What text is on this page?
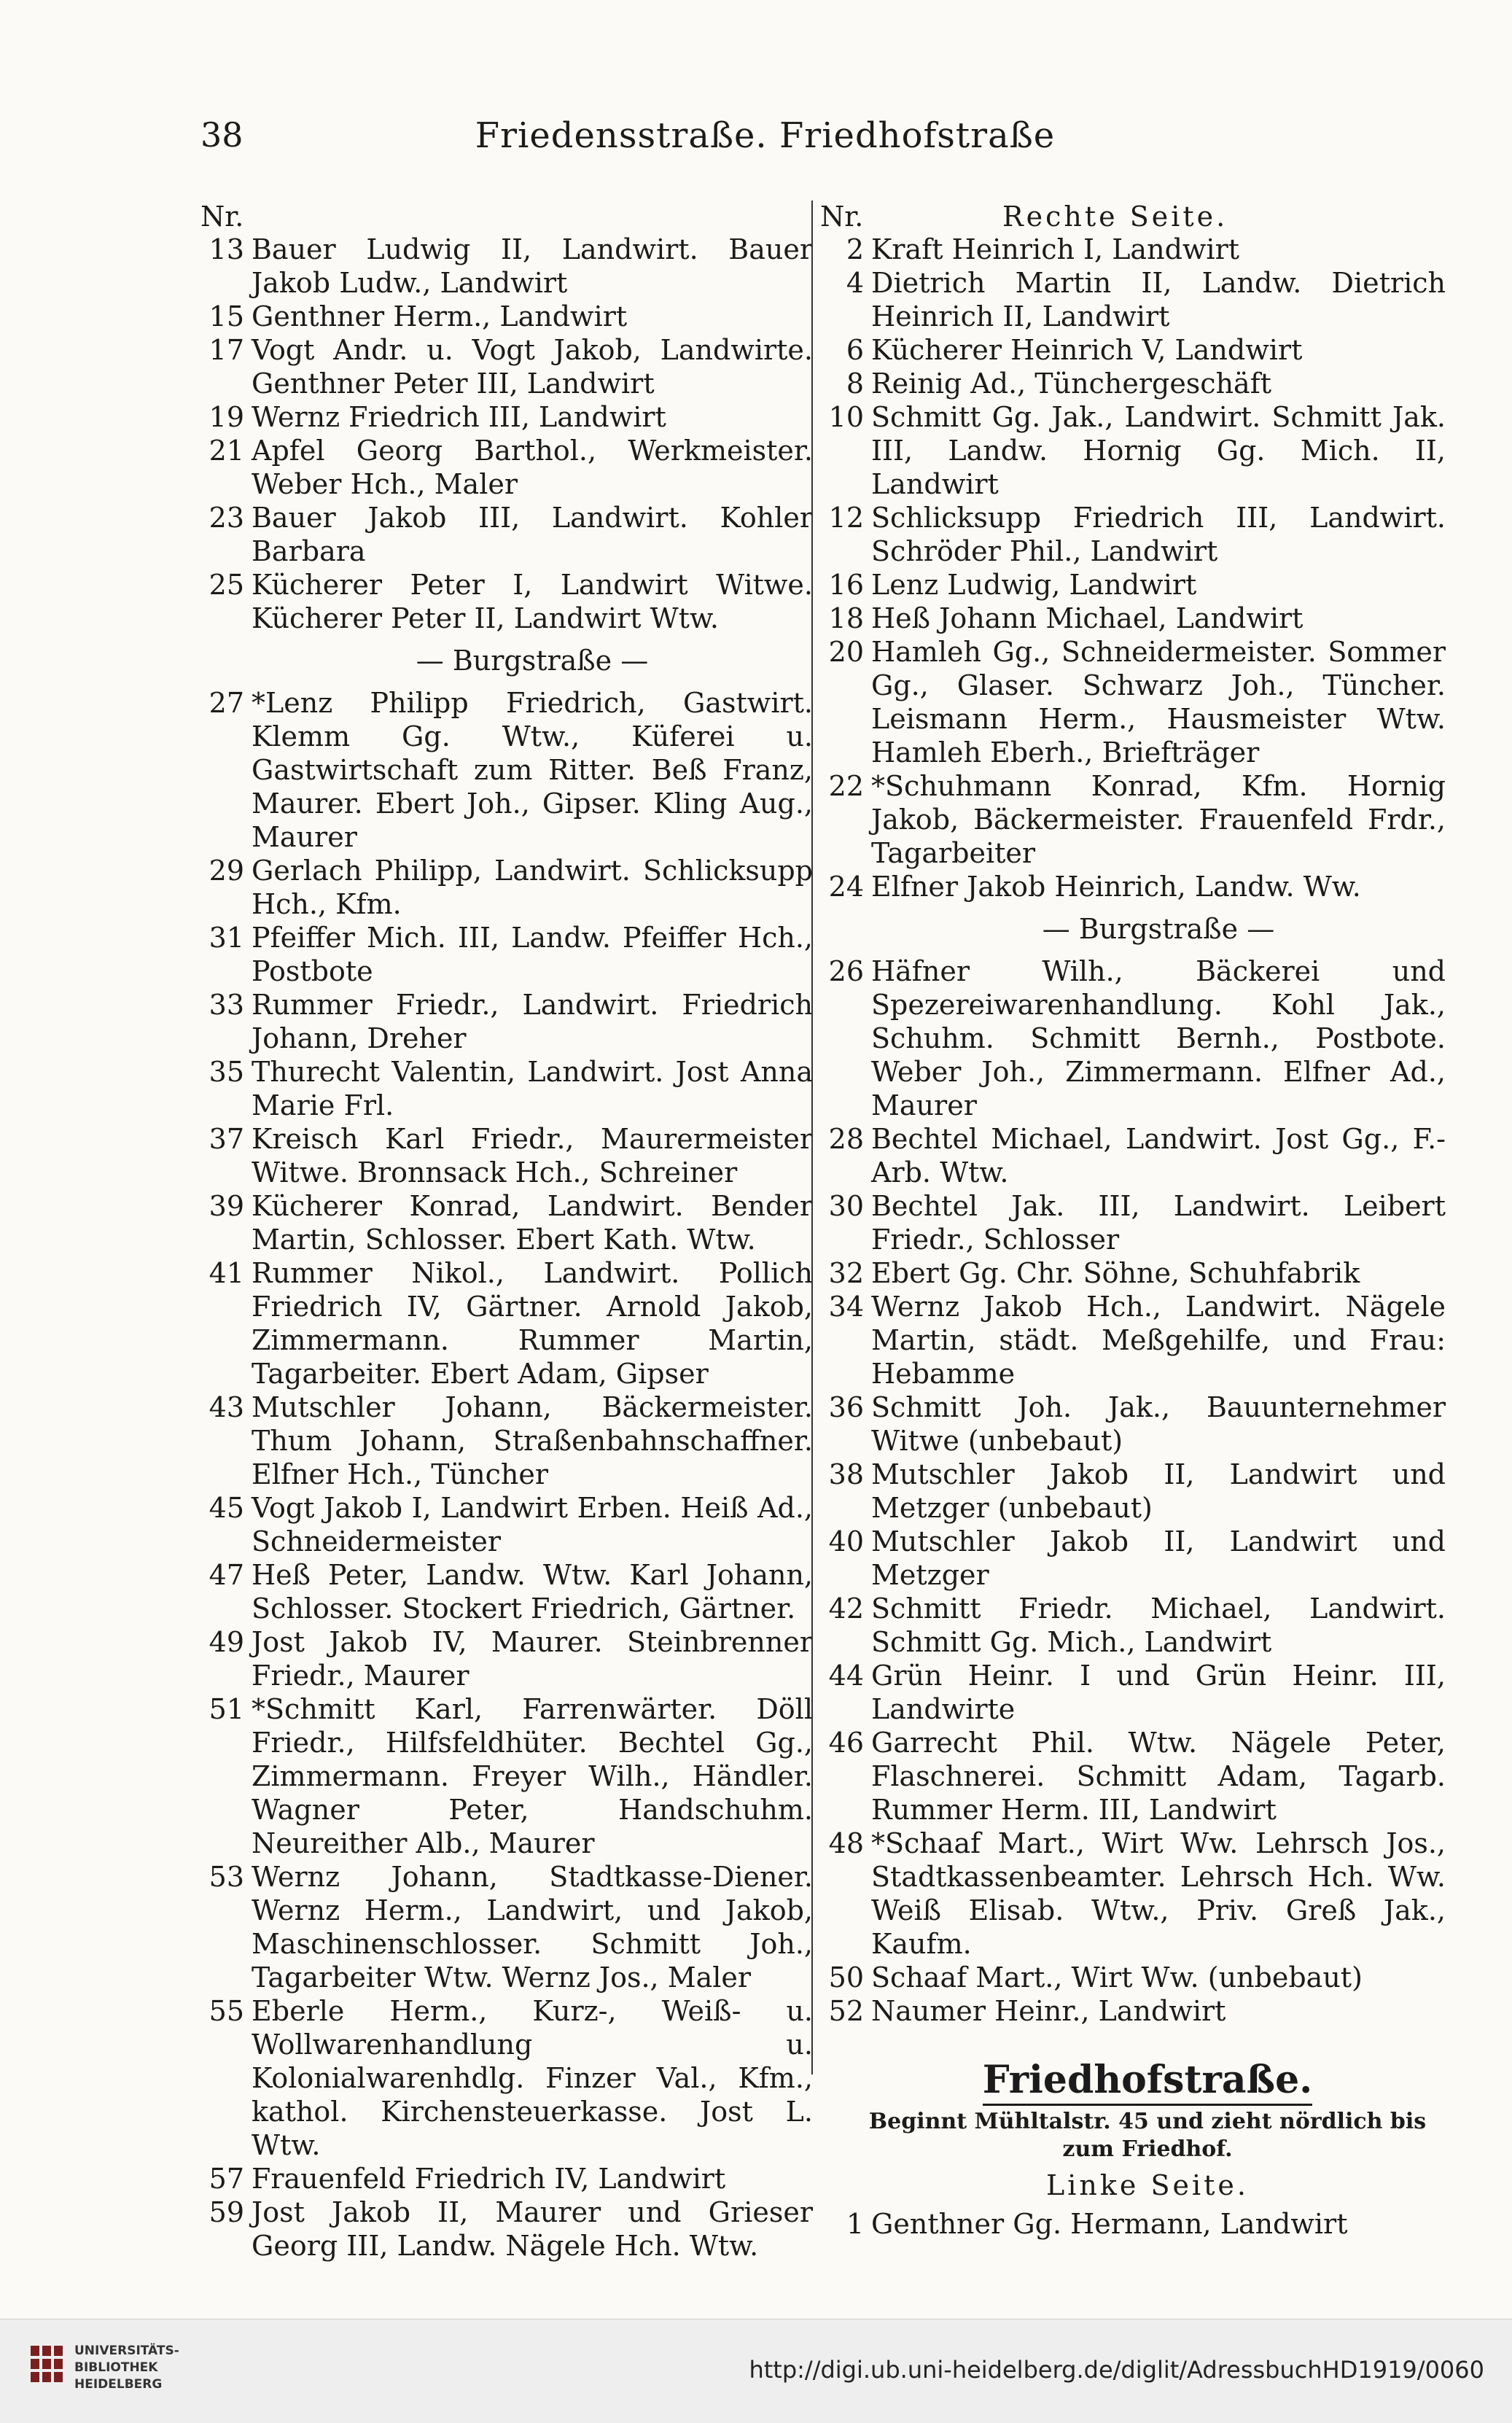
38	Friedensstraße. Friedhofstraße
Nr.
13 Bauer Ludwig II, Landwirt. Bauer Jakob Ludw., Landwirt
15 Genthner Herm., Landwirt
17 Vogt Andr. u. Vogt Jakob, Landwirte. Genthner Peter III, Landwirt
19 Wernz Friedrich III, Landwirt
21 Apfel Georg Barthol., Werkmeister. Weber Hch., Maler
23 Bauer Jakob III, Landwirt. Kohler Barbara
25 Kücherer Peter I, Landwirt Witwe. Kücherer Peter II, Landwirt Wtw.
— Burgstraße —
27 *Lenz Philipp Friedrich, Gastwirt. Klemm Gg. Wtw., Küferei u. Gastwirtschaft zum Ritter. Beß Franz, Maurer. Ebert Joh., Gipser. Kling Aug., Maurer
29 Gerlach Philipp, Landwirt. Schlicksupp Hch., Kfm.
31 Pfeiffer Mich. III, Landw. Pfeiffer Hch., Postbote
33 Rummer Friedr., Landwirt. Friedrich Johann, Dreher
35 Thurecht Valentin, Landwirt. Jost Anna Marie Frl.
37 Kreisch Karl Friedr., Maurermeister Witwe. Bronnsack Hch., Schreiner
39 Kücherer Konrad, Landwirt. Bender Martin, Schlosser. Ebert Kath. Wtw.
41 Rummer Nikol., Landwirt. Pollich Friedrich IV, Gärtner. Arnold Jakob, Zimmermann. Rummer Martin, Tagarbeiter. Ebert Adam, Gipser
43 Mutschler Johann, Bäckermeister. Thum Johann, Straßenbahnschaffner. Elfner Hch., Tüncher
45 Vogt Jakob I, Landwirt Erben. Heiß Ad., Schneidermeister
47 Heß Peter, Landw. Wtw. Karl Johann, Schlosser. Stockert Friedrich, Gärtner.
49 Jost Jakob IV, Maurer. Steinbrenner Friedr., Maurer
51 *Schmitt Karl, Farrenwärter. Döll Friedr., Hilfsfeldhüter. Bechtel Gg., Zimmermann. Freyer Wilh., Händler. Wagner Peter, Handschuhm. Neureither Alb., Maurer
53 Wernz Johann, Stadtkasse-Diener. Wernz Herm., Landwirt, und Jakob, Maschinenschlosser. Schmitt Joh., Tagarbeiter Wtw. Wernz Jos., Maler
55 Eberle Herm., Kurz-, Weiß- u. Wollwarenhandlung u. Kolonialwarenhdlg. Finzer Val., Kfm., kathol. Kirchensteuerkasse. Jost L. Wtw.
57 Frauenfeld Friedrich IV, Landwirt
59 Jost Jakob II, Maurer und Grieser Georg III, Landw. Nägele Hch. Wtw.
Nr.	Rechte Seite.
2 Kraft Heinrich I, Landwirt
4 Dietrich Martin II, Landw. Dietrich Heinrich II, Landwirt
6 Kücherer Heinrich V, Landwirt
8 Reinig Ad., Tünchergeschäft
10 Schmitt Gg. Jak., Landwirt. Schmitt Jak. III, Landw. Hornig Gg. Mich. II, Landwirt
12 Schlicksupp Friedrich III, Landwirt. Schröder Phil., Landwirt
16 Lenz Ludwig, Landwirt
18 Heß Johann Michael, Landwirt
20 Hamleh Gg., Schneidermeister. Sommer Gg., Glaser. Schwarz Joh., Tüncher. Leismann Herm., Hausmeister Wtw. Hamleh Eberh., Briefträger
22 *Schuhmann Konrad, Kfm. Hornig Jakob, Bäckermeister. Frauenfeld Frdr., Tagarbeiter
24 Elfner Jakob Heinrich, Landw. Ww.
— Burgstraße —
26 Häfner Wilh., Bäckerei und Spezereiwarenhandlung. Kohl Jak., Schuhm. Schmitt Bernh., Postbote. Weber Joh., Zimmermann. Elfner Ad., Maurer
28 Bechtel Michael, Landwirt. Jost Gg., F.-Arb. Wtw.
30 Bechtel Jak. III, Landwirt. Leibert Friedr., Schlosser
32 Ebert Gg. Chr. Söhne, Schuhfabrik
34 Wernz Jakob Hch., Landwirt. Nägele Martin, städt. Meßgehilfe, und Frau: Hebamme
36 Schmitt Joh. Jak., Bauunternehmer Witwe (unbebaut)
38 Mutschler Jakob II, Landwirt und Metzger (unbebaut)
40 Mutschler Jakob II, Landwirt und Metzger
42 Schmitt Friedr. Michael, Landwirt. Schmitt Gg. Mich., Landwirt
44 Grün Heinr. I und Grün Heinr. III, Landwirte
46 Garrecht Phil. Wtw. Nägele Peter, Flaschnerei. Schmitt Adam, Tagarb. Rummer Herm. III, Landwirt
48 *Schaaf Mart., Wirt Ww. Lehrsch Jos., Stadtkassenbeamter. Lehrsch Hch. Ww. Weiß Elisab. Wtw., Priv. Greß Jak., Kaufm.
50 Schaaf Mart., Wirt Ww. (unbebaut)
52 Naumer Heinr., Landwirt
Friedhofstraße.
Beginnt Mühltalstr. 45 und zieht nördlich bis zum Friedhof.
Linke Seite.
1 Genthner Gg. Hermann, Landwirt
UNIVERSITÄTS-
BIBLIOTHEK
HEIDELBERG
http://digi.ub.uni-heidelberg.de/diglit/AdressbuchHD1919/0060
